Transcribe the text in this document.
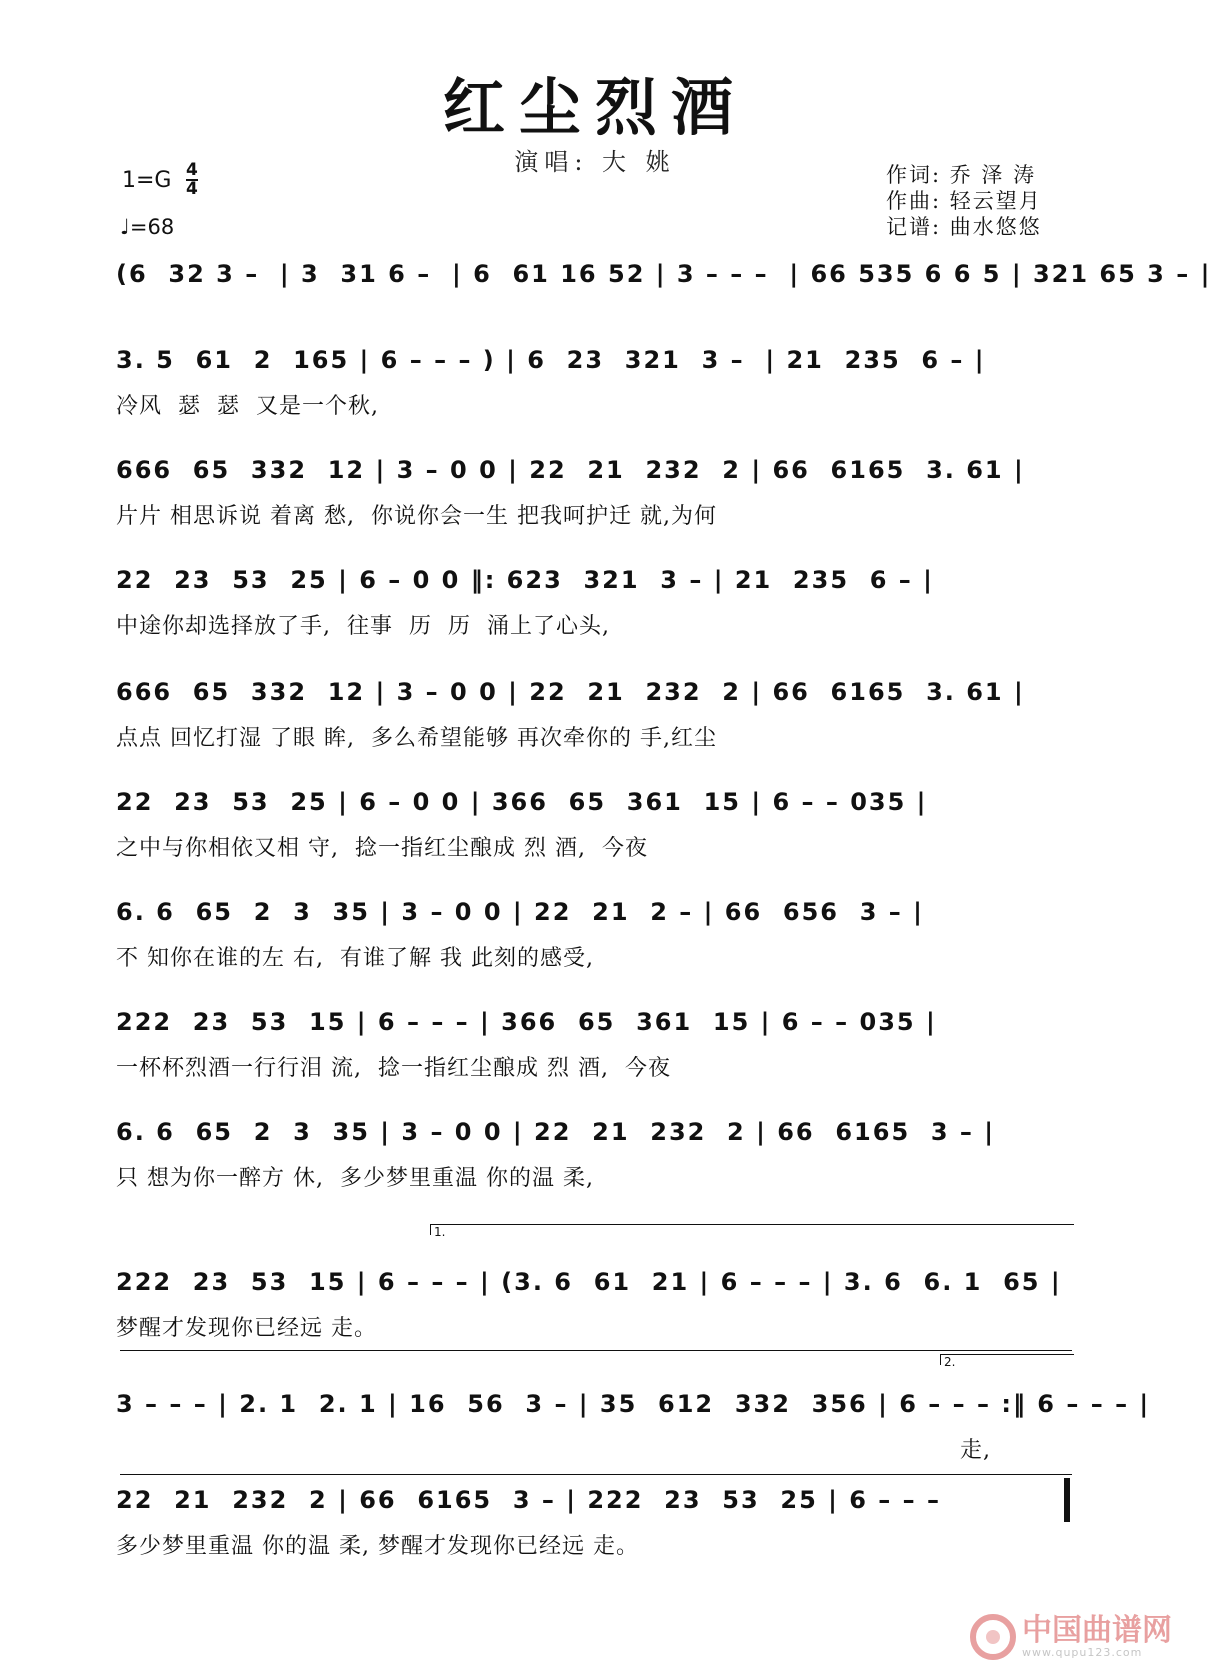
红尘烈酒
演唱: 大 姚
1=G 4
4
♩=68
作词: 乔 泽 涛
作曲: 轻云望月
记谱: 曲水悠悠
(6  32 3 –  | 3  31 6 –  | 6  61 16 52 | 3 – – –  | 66 535 6 6 5 | 321 65 3 – |
3. 5  61  2  165 | 6 – – – ) | 6  23  321  3 –  | 21  235  6 – |
冷风  瑟  瑟  又是一个秋,
666  65  332  12 | 3 – 0 0 | 22  21  232  2 | 66  6165  3. 61 |
片片 相思诉说 着离 愁,  你说你会一生 把我呵护迁 就,为何
22  23  53  25 | 6 – 0 0 ‖: 623  321  3 – | 21  235  6 – |
中途你却选择放了手,  往事  历  历  涌上了心头,
666  65  332  12 | 3 – 0 0 | 22  21  232  2 | 66  6165  3. 61 |
点点 回忆打湿 了眼 眸,  多么希望能够 再次牵你的 手,红尘
22  23  53  25 | 6 – 0 0 | 366  65  361  15 | 6 – – 035 |
之中与你相依又相 守,  捻一指红尘酿成 烈 酒,  今夜
6. 6  65  2  3  35 | 3 – 0 0 | 22  21  2 – | 66  656  3 – |
不 知你在谁的左 右,  有谁了解 我 此刻的感受,
222  23  53  15 | 6 – – – | 366  65  361  15 | 6 – – 035 |
一杯杯烈酒一行行泪 流,  捻一指红尘酿成 烈 酒,  今夜
6. 6  65  2  3  35 | 3 – 0 0 | 22  21  232  2 | 66  6165  3 – |
只 想为你一醉方 休,  多少梦里重温 你的温 柔,
1.
222  23  53  15 | 6 – – – | (3. 6  61  21 | 6 – – – | 3. 6  6. 1  65 |
梦醒才发现你已经远 走。
2.
3 – – – | 2. 1  2. 1 | 16  56  3 – | 35  612  332  356 | 6 – – – :‖ 6 – – – |
走,
22  21  232  2 | 66  6165  3 – | 222  23  53  25 | 6 – – –
多少梦里重温 你的温 柔, 梦醒才发现你已经远 走。
中国曲谱网
www.qupu123.com
